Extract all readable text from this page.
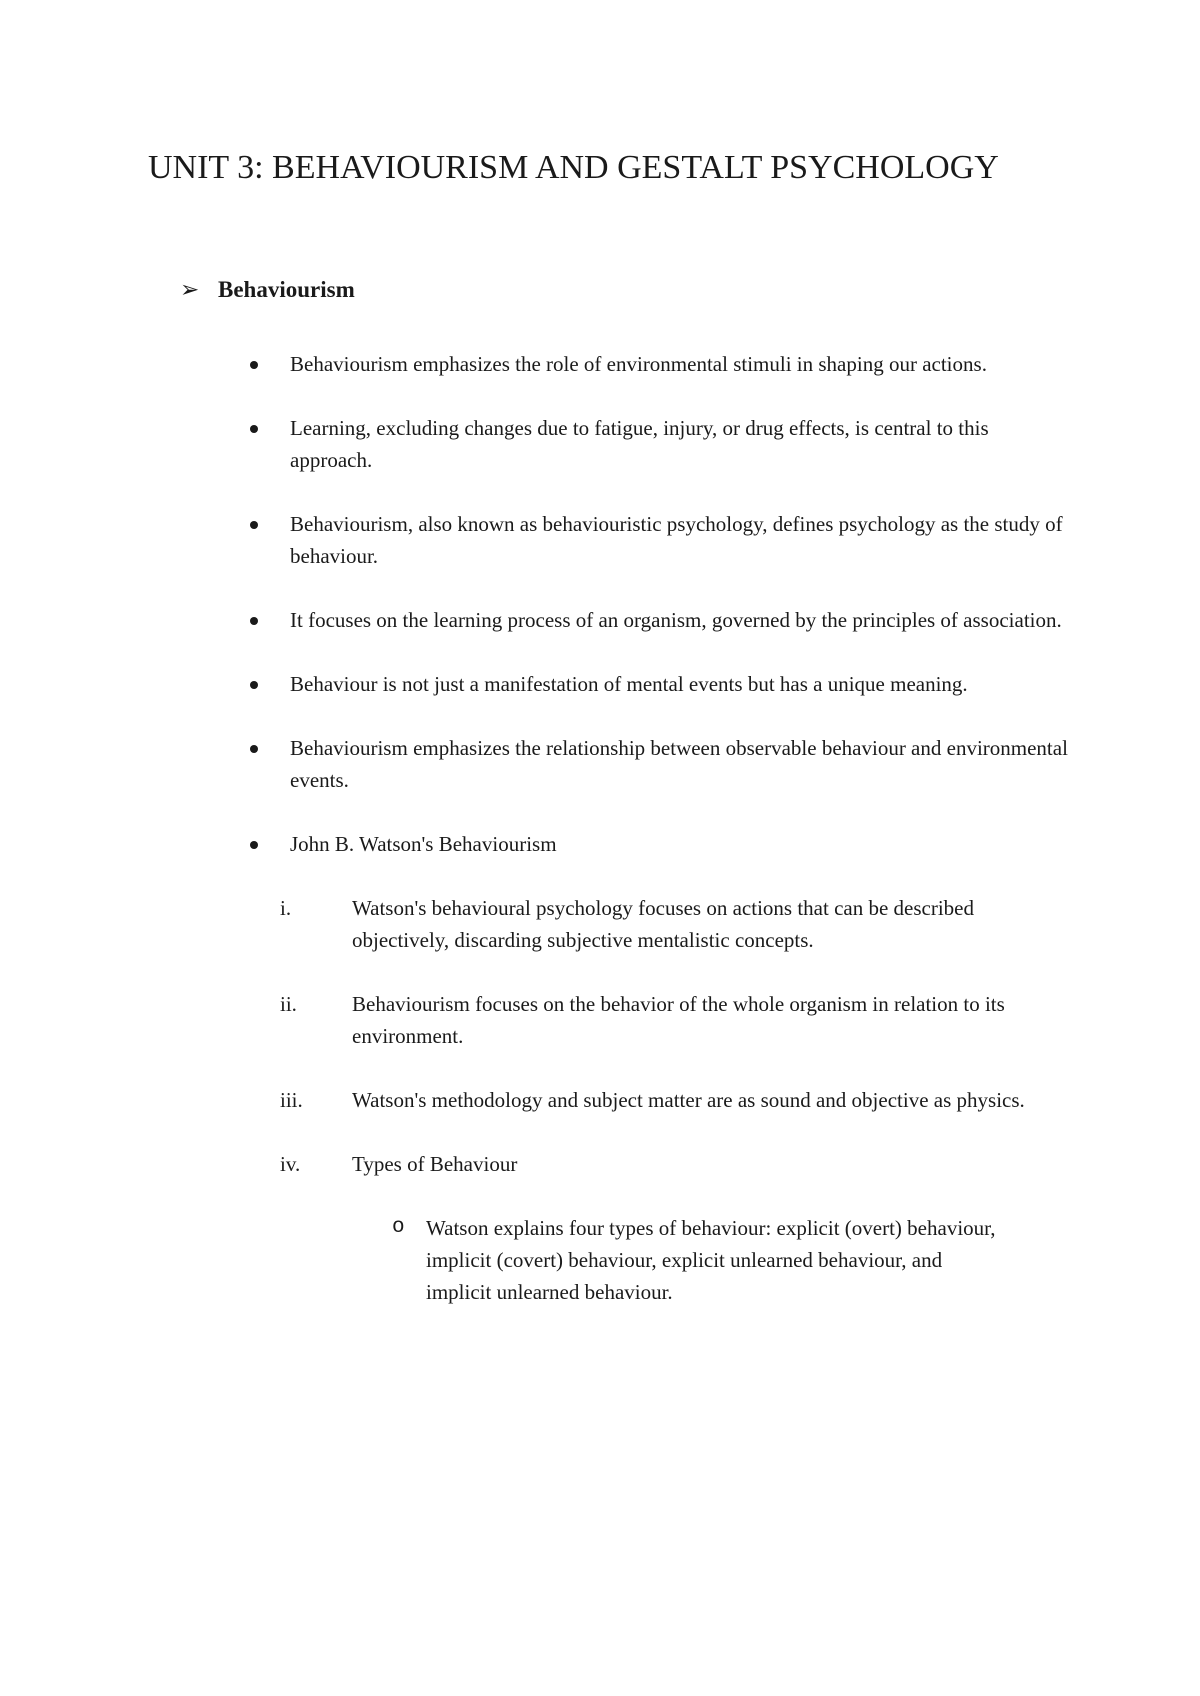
UNIT 3: BEHAVIOURISM AND GESTALT PSYCHOLOGY
➢ Behaviourism
Behaviourism emphasizes the role of environmental stimuli in shaping our actions.
Learning, excluding changes due to fatigue, injury, or drug effects, is central to this approach.
Behaviourism, also known as behaviouristic psychology, defines psychology as the study of behaviour.
It focuses on the learning process of an organism, governed by the principles of association.
Behaviour is not just a manifestation of mental events but has a unique meaning.
Behaviourism emphasizes the relationship between observable behaviour and environmental events.
John B. Watson's Behaviourism
i.	Watson's behavioural psychology focuses on actions that can be described objectively, discarding subjective mentalistic concepts.
ii.	Behaviourism focuses on the behavior of the whole organism in relation to its environment.
iii. Watson's methodology and subject matter are as sound and objective as physics.
iv. Types of Behaviour
o Watson explains four types of behaviour: explicit (overt) behaviour, implicit (covert) behaviour, explicit unlearned behaviour, and implicit unlearned behaviour.
